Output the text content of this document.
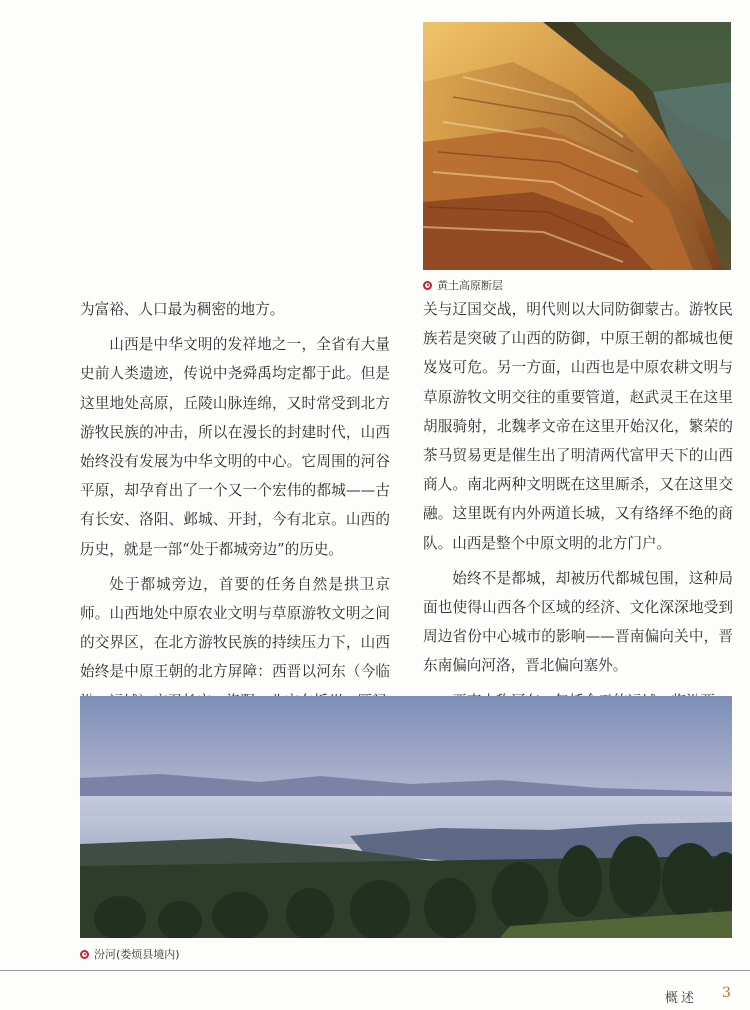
黄土高原断层

为富裕、人口最为稠密的地方。

山西是中华文明的发祥地之一，全省有大量史前人类遗迹，传说中尧舜禹均定都于此。但是这里地处高原，丘陵山脉连绵，又时常受到北方游牧民族的冲击，所以在漫长的封建时代，山西始终没有发展为中华文明的中心。它周围的河谷平原，却孕育出了一个又一个宏伟的都城——古有长安、洛阳、邺城、开封，今有北京。山西的历史，就是一部“处于都城旁边”的历史。

处于都城旁边，首要的任务自然是拱卫京师。山西地处中原农业文明与草原游牧文明之间的交界区，在北方游牧民族的持续压力下，山西始终是中原王朝的北方屏障：西晋以河东（今临

关与辽国交战，明代则以大同防御蒙古。游牧民族若是突破了山西的防御，中原王朝的都城也便岌岌可危。另一方面，山西也是中原农耕文明与草原游牧文明交往的重要管道，赵武灵王在这里胡服骑射，北魏孝文帝在这里开始汉化，繁荣的茶马贸易更是催生出了明清两代富甲天下的山西商人。南北两种文明既在这里厮杀，又在这里交融。这里既有内外两道长城，又有络绎不绝的商队。山西是整个中原文明的北方门户。

始终不是都城，却被历代都城包围，这种局面也使得山西各个区域的经济、文化深深地受到周边省份中心城市的影响——晋南偏向关中，晋东南偏向河洛，晋北偏向塞外。

汾河(娄烦县境内)
概述 3
